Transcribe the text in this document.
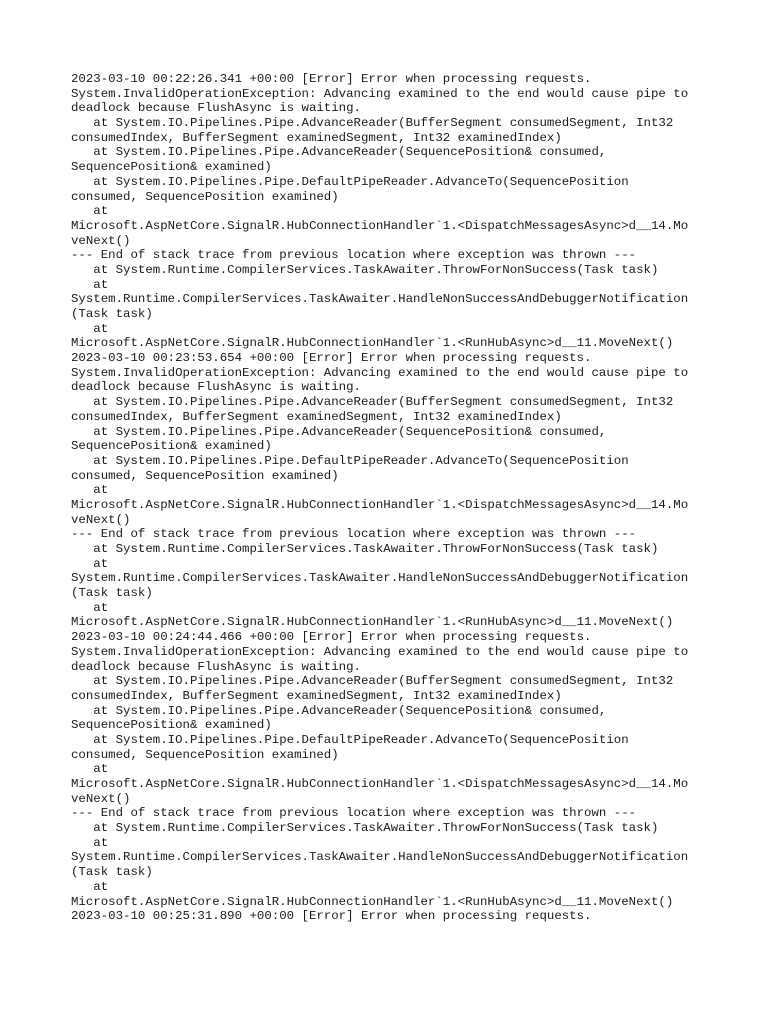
2023-03-10 00:22:26.341 +00:00 [Error] Error when processing requests.
System.InvalidOperationException: Advancing examined to the end would cause pipe to
deadlock because FlushAsync is waiting.
at System.IO.Pipelines.Pipe.AdvanceReader(BufferSegment consumedSegment, Int32
consumedIndex, BufferSegment examinedSegment, Int32 examinedIndex)
at System.IO.Pipelines.Pipe.AdvanceReader(SequencePosition& consumed,
SequencePosition& examined)
at System.IO.Pipelines.Pipe.DefaultPipeReader.AdvanceTo(SequencePosition
consumed, SequencePosition examined)
at
Microsoft.AspNetCore.SignalR.HubConnectionHandler`1.<DispatchMessagesAsync>d__14.Mo
veNext()
--- End of stack trace from previous location where exception was thrown ---
at System.Runtime.CompilerServices.TaskAwaiter.ThrowForNonSuccess(Task task)
at
System.Runtime.CompilerServices.TaskAwaiter.HandleNonSuccessAndDebuggerNotification
(Task task)
at
Microsoft.AspNetCore.SignalR.HubConnectionHandler`1.<RunHubAsync>d__11.MoveNext()
2023-03-10 00:23:53.654 +00:00 [Error] Error when processing requests.
System.InvalidOperationException: Advancing examined to the end would cause pipe to
deadlock because FlushAsync is waiting.
at System.IO.Pipelines.Pipe.AdvanceReader(BufferSegment consumedSegment, Int32
consumedIndex, BufferSegment examinedSegment, Int32 examinedIndex)
at System.IO.Pipelines.Pipe.AdvanceReader(SequencePosition& consumed,
SequencePosition& examined)
at System.IO.Pipelines.Pipe.DefaultPipeReader.AdvanceTo(SequencePosition
consumed, SequencePosition examined)
at
Microsoft.AspNetCore.SignalR.HubConnectionHandler`1.<DispatchMessagesAsync>d__14.Mo
veNext()
--- End of stack trace from previous location where exception was thrown ---
at System.Runtime.CompilerServices.TaskAwaiter.ThrowForNonSuccess(Task task)
at
System.Runtime.CompilerServices.TaskAwaiter.HandleNonSuccessAndDebuggerNotification
(Task task)
at
Microsoft.AspNetCore.SignalR.HubConnectionHandler`1.<RunHubAsync>d__11.MoveNext()
2023-03-10 00:24:44.466 +00:00 [Error] Error when processing requests.
System.InvalidOperationException: Advancing examined to the end would cause pipe to
deadlock because FlushAsync is waiting.
at System.IO.Pipelines.Pipe.AdvanceReader(BufferSegment consumedSegment, Int32
consumedIndex, BufferSegment examinedSegment, Int32 examinedIndex)
at System.IO.Pipelines.Pipe.AdvanceReader(SequencePosition& consumed,
SequencePosition& examined)
at System.IO.Pipelines.Pipe.DefaultPipeReader.AdvanceTo(SequencePosition
consumed, SequencePosition examined)
at
Microsoft.AspNetCore.SignalR.HubConnectionHandler`1.<DispatchMessagesAsync>d__14.Mo
veNext()
--- End of stack trace from previous location where exception was thrown ---
at System.Runtime.CompilerServices.TaskAwaiter.ThrowForNonSuccess(Task task)
at
System.Runtime.CompilerServices.TaskAwaiter.HandleNonSuccessAndDebuggerNotification
(Task task)
at
Microsoft.AspNetCore.SignalR.HubConnectionHandler`1.<RunHubAsync>d__11.MoveNext()
2023-03-10 00:25:31.890 +00:00 [Error] Error when processing requests.
